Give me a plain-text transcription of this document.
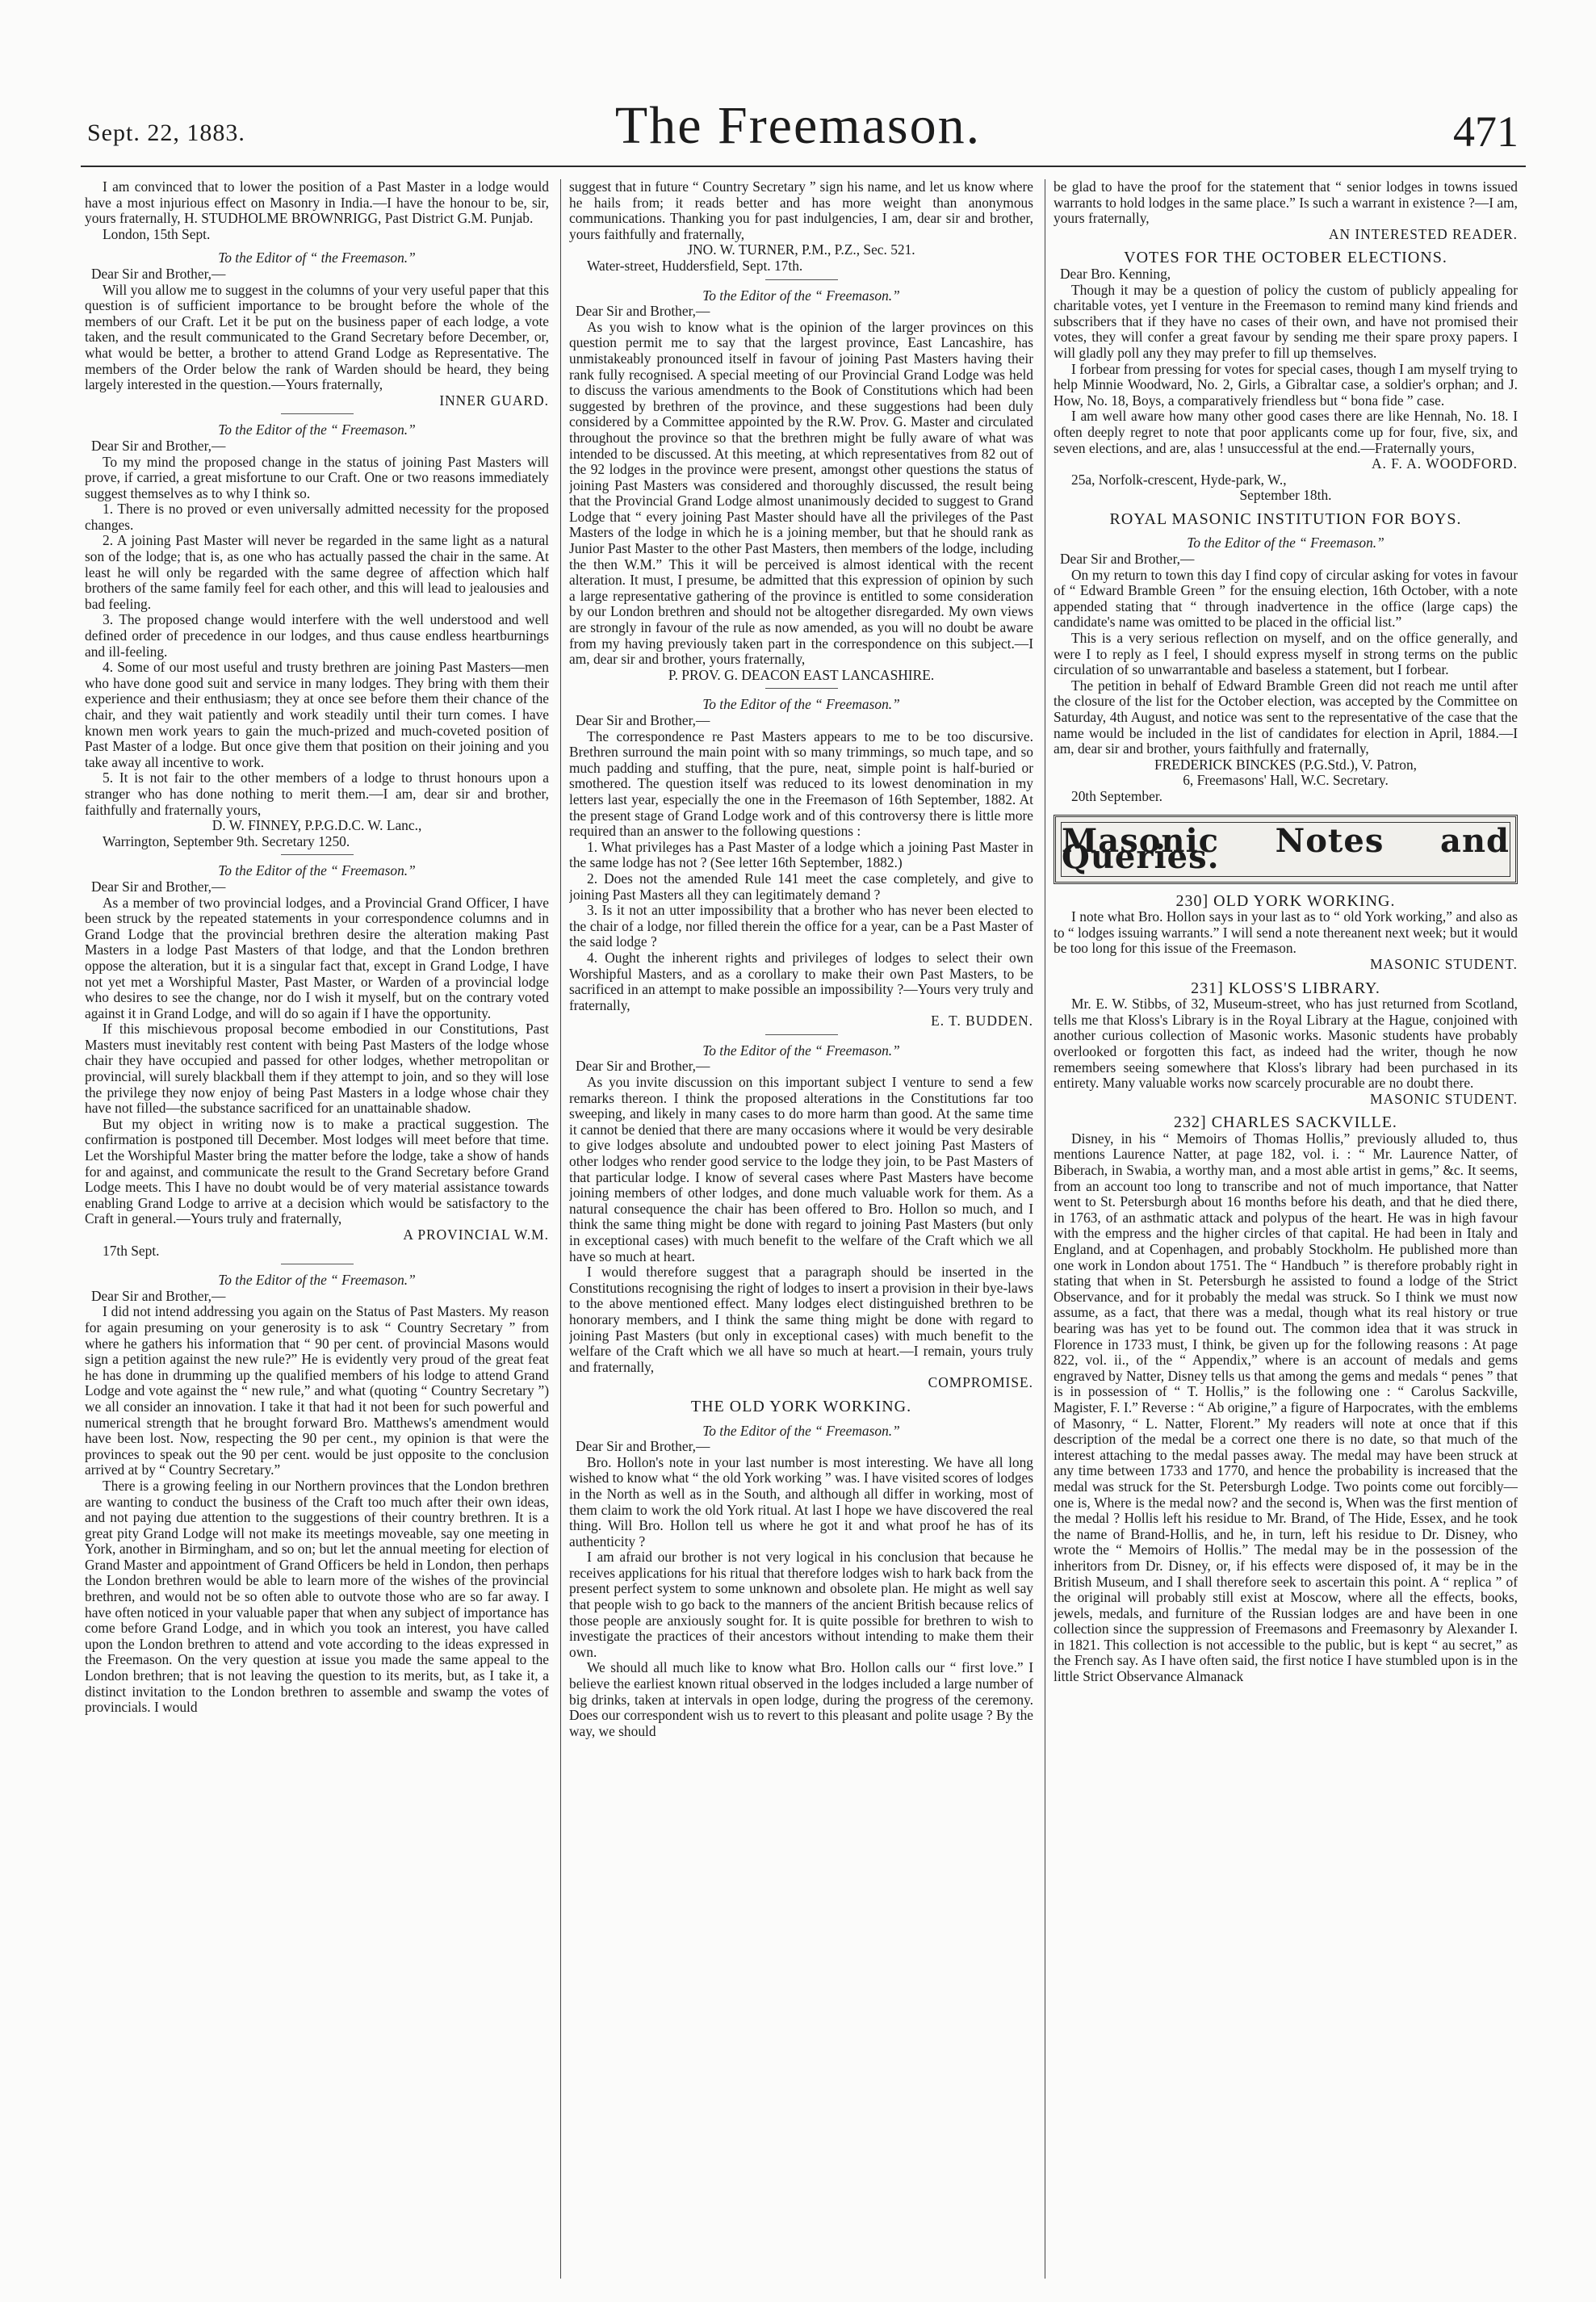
Sept. 22, 1883.	The Freemason.	471

I am convinced that to lower the position of a Past Master in a lodge would have a most injurious effect on Masonry in India.—I have the honour to be, sir, yours fraternally, H. STUDHOLME BROWNRIGG, Past District G.M. Punjab.

London, 15th Sept.

To the Editor of “ the Freemason.”

Dear Sir and Brother,—

Will you allow me to suggest in the columns of your very useful paper that this question is of sufficient importance to be brought before the whole of the members of our Craft. Let it be put on the business paper of each lodge, a vote taken, and the result communicated to the Grand Secretary before December, or, what would be better, a brother to attend Grand Lodge as Representative. The members of the Order below the rank of Warden should be heard, they being largely interested in the question.—Yours fraternally,

INNER GUARD.

To the Editor of the “ Freemason.”

Dear Sir and Brother,—

To my mind the proposed change in the status of joining Past Masters will prove, if carried, a great misfortune to our Craft. One or two reasons immediately suggest themselves as to why I think so.

1. There is no proved or even universally admitted necessity for the proposed changes.

2. A joining Past Master will never be regarded in the same light as a natural son of the lodge; that is, as one who has actually passed the chair in the same. At least he will only be regarded with the same degree of affection which half brothers of the same family feel for each other, and this will lead to jealousies and bad feeling.

3. The proposed change would interfere with the well understood and well defined order of precedence in our lodges, and thus cause endless heartburnings and ill-feeling.

4. Some of our most useful and trusty brethren are joining Past Masters—men who have done good suit and service in many lodges. They bring with them their experience and their enthusiasm; they at once see before them their chance of the chair, and they wait patiently and work steadily until their turn comes. I have known men work years to gain the much-prized and much-coveted position of Past Master of a lodge. But once give them that position on their joining and you take away all incentive to work.

5. It is not fair to the other members of a lodge to thrust honours upon a stranger who has done nothing to merit them.—I am, dear sir and brother, faithfully and fraternally yours,

D. W. FINNEY, P.P.G.D.C. W. Lanc.,

Warrington, September 9th. Secretary 1250.

To the Editor of the “ Freemason.”

Dear Sir and Brother,—

As a member of two provincial lodges, and a Provincial Grand Officer, I have been struck by the repeated statements in your correspondence columns and in Grand Lodge that the provincial brethren desire the alteration making Past Masters in a lodge Past Masters of that lodge, and that the London brethren oppose the alteration, but it is a singular fact that, except in Grand Lodge, I have not yet met a Worshipful Master, Past Master, or Warden of a provincial lodge who desires to see the change, nor do I wish it myself, but on the contrary voted against it in Grand Lodge, and will do so again if I have the opportunity.

If this mischievous proposal become embodied in our Constitutions, Past Masters must inevitably rest content with being Past Masters of the lodge whose chair they have occupied and passed for other lodges, whether metropolitan or provincial, will surely blackball them if they attempt to join, and so they will lose the privilege they now enjoy of being Past Masters in a lodge whose chair they have not filled—the substance sacrificed for an unattainable shadow.

But my object in writing now is to make a practical suggestion. The confirmation is postponed till December. Most lodges will meet before that time. Let the Worshipful Master bring the matter before the lodge, take a show of hands for and against, and communicate the result to the Grand Secretary before Grand Lodge meets. This I have no doubt would be of very material assistance towards enabling Grand Lodge to arrive at a decision which would be satisfactory to the Craft in general.—Yours truly and fraternally,

A PROVINCIAL W.M.

17th Sept.

To the Editor of the “ Freemason.”

Dear Sir and Brother,—

I did not intend addressing you again on the Status of Past Masters. My reason for again presuming on your generosity is to ask “ Country Secretary ” from where he gathers his information that “ 90 per cent. of provincial Masons would sign a petition against the new rule?” He is evidently very proud of the great feat he has done in drumming up the qualified members of his lodge to attend Grand Lodge and vote against the “ new rule,” and what (quoting “ Country Secretary ”) we all consider an innovation. I take it that had it not been for such powerful and numerical strength that he brought forward Bro. Matthews's amendment would have been lost. Now, respecting the 90 per cent., my opinion is that were the provinces to speak out the 90 per cent. would be just opposite to the conclusion arrived at by “ Country Secretary.”

There is a growing feeling in our Northern provinces that the London brethren are wanting to conduct the business of the Craft too much after their own ideas, and not paying due attention to the suggestions of their country brethren. It is a great pity Grand Lodge will not make its meetings moveable, say one meeting in York, another in Birmingham, and so on; but let the annual meeting for election of Grand Master and appointment of Grand Officers be held in London, then perhaps the London brethren would be able to learn more of the wishes of the provincial brethren, and would not be so often able to outvote those who are so far away. I have often noticed in your valuable paper that when any subject of importance has come before Grand Lodge, and in which you took an interest, you have called upon the London brethren to attend and vote according to the ideas expressed in the Freemason. On the very question at issue you made the same appeal to the London brethren; that is not leaving the question to its merits, but, as I take it, a distinct invitation to the London brethren to assemble and swamp the votes of provincials. I would

suggest that in future “ Country Secretary ” sign his name, and let us know where he hails from; it reads better and has more weight than anonymous communications. Thanking you for past indulgencies, I am, dear sir and brother, yours faithfully and fraternally,

JNO. W. TURNER, P.M., P.Z., Sec. 521.

Water-street, Huddersfield, Sept. 17th.

To the Editor of the “ Freemason.”

Dear Sir and Brother,—

As you wish to know what is the opinion of the larger provinces on this question permit me to say that the largest province, East Lancashire, has unmistakeably pronounced itself in favour of joining Past Masters having their rank fully recognised. A special meeting of our Provincial Grand Lodge was held to discuss the various amendments to the Book of Constitutions which had been suggested by brethren of the province, and these suggestions had been duly considered by a Committee appointed by the R.W. Prov. G. Master and circulated throughout the province so that the brethren might be fully aware of what was intended to be discussed. At this meeting, at which representatives from 82 out of the 92 lodges in the province were present, amongst other questions the status of joining Past Masters was considered and thoroughly discussed, the result being that the Provincial Grand Lodge almost unanimously decided to suggest to Grand Lodge that “ every joining Past Master should have all the privileges of the Past Masters of the lodge in which he is a joining member, but that he should rank as Junior Past Master to the other Past Masters, then members of the lodge, including the then W.M.” This it will be perceived is almost identical with the recent alteration. It must, I presume, be admitted that this expression of opinion by such a large representative gathering of the province is entitled to some consideration by our London brethren and should not be altogether disregarded. My own views are strongly in favour of the rule as now amended, as you will no doubt be aware from my having previously taken part in the correspondence on this subject.—I am, dear sir and brother, yours fraternally,

P. PROV. G. DEACON EAST LANCASHIRE.

To the Editor of the “ Freemason.”

Dear Sir and Brother,—

The correspondence re Past Masters appears to me to be too discursive. Brethren surround the main point with so many trimmings, so much tape, and so much padding and stuffing, that the pure, neat, simple point is half-buried or smothered. The question itself was reduced to its lowest denomination in my letters last year, especially the one in the Freemason of 16th September, 1882. At the present stage of Grand Lodge work and of this controversy there is little more required than an answer to the following questions :

1. What privileges has a Past Master of a lodge which a joining Past Master in the same lodge has not ? (See letter 16th September, 1882.)

2. Does not the amended Rule 141 meet the case completely, and give to joining Past Masters all they can legitimately demand ?

3. Is it not an utter impossibility that a brother who has never been elected to the chair of a lodge, nor filled therein the office for a year, can be a Past Master of the said lodge ?

4. Ought the inherent rights and privileges of lodges to select their own Worshipful Masters, and as a corollary to make their own Past Masters, to be sacrificed in an attempt to make possible an impossibility ?—Yours very truly and fraternally,

E. T. BUDDEN.

To the Editor of the “ Freemason.”

Dear Sir and Brother,—

As you invite discussion on this important subject I venture to send a few remarks thereon. I think the proposed alterations in the Constitutions far too sweeping, and likely in many cases to do more harm than good. At the same time it cannot be denied that there are many occasions where it would be very desirable to give lodges absolute and undoubted power to elect joining Past Masters of other lodges who render good service to the lodge they join, to be Past Masters of that particular lodge. I know of several cases where Past Masters have become joining members of other lodges, and done much valuable work for them. As a natural consequence the chair has been offered to Bro. Hollon so much, and I think the same thing might be done with regard to joining Past Masters (but only in exceptional cases) with much benefit to the welfare of the Craft which we all have so much at heart.

I would therefore suggest that a paragraph should be inserted in the Constitutions recognising the right of lodges to insert a provision in their bye-laws to the above mentioned effect. Many lodges elect distinguished brethren to be honorary members, and I think the same thing might be done with regard to joining Past Masters (but only in exceptional cases) with much benefit to the welfare of the Craft which we all have so much at heart.—I remain, yours truly and fraternally,

COMPROMISE.

THE OLD YORK WORKING.

To the Editor of the “ Freemason.”

Dear Sir and Brother,—

Bro. Hollon's note in your last number is most interesting. We have all long wished to know what “ the old York working ” was. I have visited scores of lodges in the North as well as in the South, and although all differ in working, most of them claim to work the old York ritual. At last I hope we have discovered the real thing. Will Bro. Hollon tell us where he got it and what proof he has of its authenticity ?

I am afraid our brother is not very logical in his conclusion that because he receives applications for his ritual that therefore lodges wish to hark back from the present perfect system to some unknown and obsolete plan. He might as well say that people wish to go back to the manners of the ancient British because relics of those people are anxiously sought for. It is quite possible for brethren to wish to investigate the practices of their ancestors without intending to make them their own.

We should all much like to know what Bro. Hollon calls our “ first love.” I believe the earliest known ritual observed in the lodges included a large number of big drinks, taken at intervals in open lodge, during the progress of the ceremony. Does our correspondent wish us to revert to this pleasant and polite usage ? By the way, we should

be glad to have the proof for the statement that “ senior lodges in towns issued warrants to hold lodges in the same place.” Is such a warrant in existence ?—I am, yours fraternally,

AN INTERESTED READER.

VOTES FOR THE OCTOBER ELECTIONS.

Dear Bro. Kenning,

Though it may be a question of policy the custom of publicly appealing for charitable votes, yet I venture in the Freemason to remind many kind friends and subscribers that if they have no cases of their own, and have not promised their votes, they will confer a great favour by sending me their spare proxy papers. I will gladly poll any they may prefer to fill up themselves.

I forbear from pressing for votes for special cases, though I am myself trying to help Minnie Woodward, No. 2, Girls, a Gibraltar case, a soldier's orphan; and J. How, No. 18, Boys, a comparatively friendless but “ bona fide ” case.

I am well aware how many other good cases there are like Hennah, No. 18. I often deeply regret to note that poor applicants come up for four, five, six, and seven elections, and are, alas ! unsuccessful at the end.—Fraternally yours,

A. F. A. WOODFORD.

25a, Norfolk-crescent, Hyde-park, W.,

September 18th.

ROYAL MASONIC INSTITUTION FOR BOYS.

To the Editor of the “ Freemason.”

Dear Sir and Brother,—

On my return to town this day I find copy of circular asking for votes in favour of “ Edward Bramble Green ” for the ensuing election, 16th October, with a note appended stating that “ through inadvertence in the office (large caps) the candidate's name was omitted to be placed in the official list.”

This is a very serious reflection on myself, and on the office generally, and were I to reply as I feel, I should express myself in strong terms on the public circulation of so unwarrantable and baseless a statement, but I forbear.

The petition in behalf of Edward Bramble Green did not reach me until after the closure of the list for the October election, was accepted by the Committee on Saturday, 4th August, and notice was sent to the representative of the case that the name would be included in the list of candidates for election in April, 1884.—I am, dear sir and brother, yours faithfully and fraternally,

FREDERICK BINCKES (P.G.Std.), V. Patron,

6, Freemasons' Hall, W.C. Secretary.

20th September.

Masonic Notes and Queries.

230] OLD YORK WORKING.

I note what Bro. Hollon says in your last as to “ old York working,” and also as to “ lodges issuing warrants.” I will send a note thereanent next week; but it would be too long for this issue of the Freemason.

MASONIC STUDENT.

231] KLOSS'S LIBRARY.

Mr. E. W. Stibbs, of 32, Museum-street, who has just returned from Scotland, tells me that Kloss's Library is in the Royal Library at the Hague, conjoined with another curious collection of Masonic works. Masonic students have probably overlooked or forgotten this fact, as indeed had the writer, though he now remembers seeing somewhere that Kloss's library had been purchased in its entirety. Many valuable works now scarcely procurable are no doubt there.

MASONIC STUDENT.

232] CHARLES SACKVILLE.

Disney, in his “ Memoirs of Thomas Hollis,” previously alluded to, thus mentions Laurence Natter, at page 182, vol. i. : “ Mr. Laurence Natter, of Biberach, in Swabia, a worthy man, and a most able artist in gems,” &c. It seems, from an account too long to transcribe and not of much importance, that Natter went to St. Petersburgh about 16 months before his death, and that he died there, in 1763, of an asthmatic attack and polypus of the heart. He was in high favour with the empress and the higher circles of that capital. He had been in Italy and England, and at Copenhagen, and probably Stockholm. He published more than one work in London about 1751. The “ Handbuch ” is therefore probably right in stating that when in St. Petersburgh he assisted to found a lodge of the Strict Observance, and for it probably the medal was struck. So I think we must now assume, as a fact, that there was a medal, though what its real history or true bearing was has yet to be found out. The common idea that it was struck in Florence in 1733 must, I think, be given up for the following reasons : At page 822, vol. ii., of the “ Appendix,” where is an account of medals and gems engraved by Natter, Disney tells us that among the gems and medals “ penes ” that is in possession of “ T. Hollis,” is the following one : “ Carolus Sackville, Magister, F. I.” Reverse : “ Ab origine,” a figure of Harpocrates, with the emblems of Masonry, “ L. Natter, Florent.” My readers will note at once that if this description of the medal be a correct one there is no date, so that much of the interest attaching to the medal passes away. The medal may have been struck at any time between 1733 and 1770, and hence the probability is increased that the medal was struck for the St. Petersburgh Lodge. Two points come out forcibly—one is, Where is the medal now? and the second is, When was the first mention of the medal ? Hollis left his residue to Mr. Brand, of The Hide, Essex, and he took the name of Brand-Hollis, and he, in turn, left his residue to Dr. Disney, who wrote the “ Memoirs of Hollis.” The medal may be in the possession of the inheritors from Dr. Disney, or, if his effects were disposed of, it may be in the British Museum, and I shall therefore seek to ascertain this point. A “ replica ” of the original will probably still exist at Moscow, where all the effects, books, jewels, medals, and furniture of the Russian lodges are and have been in one collection since the suppression of Freemasons and Freemasonry by Alexander I. in 1821. This collection is not accessible to the public, but is kept “ au secret,” as the French say. As I have often said, the first notice I have stumbled upon is in the little Strict Observance Almanack
